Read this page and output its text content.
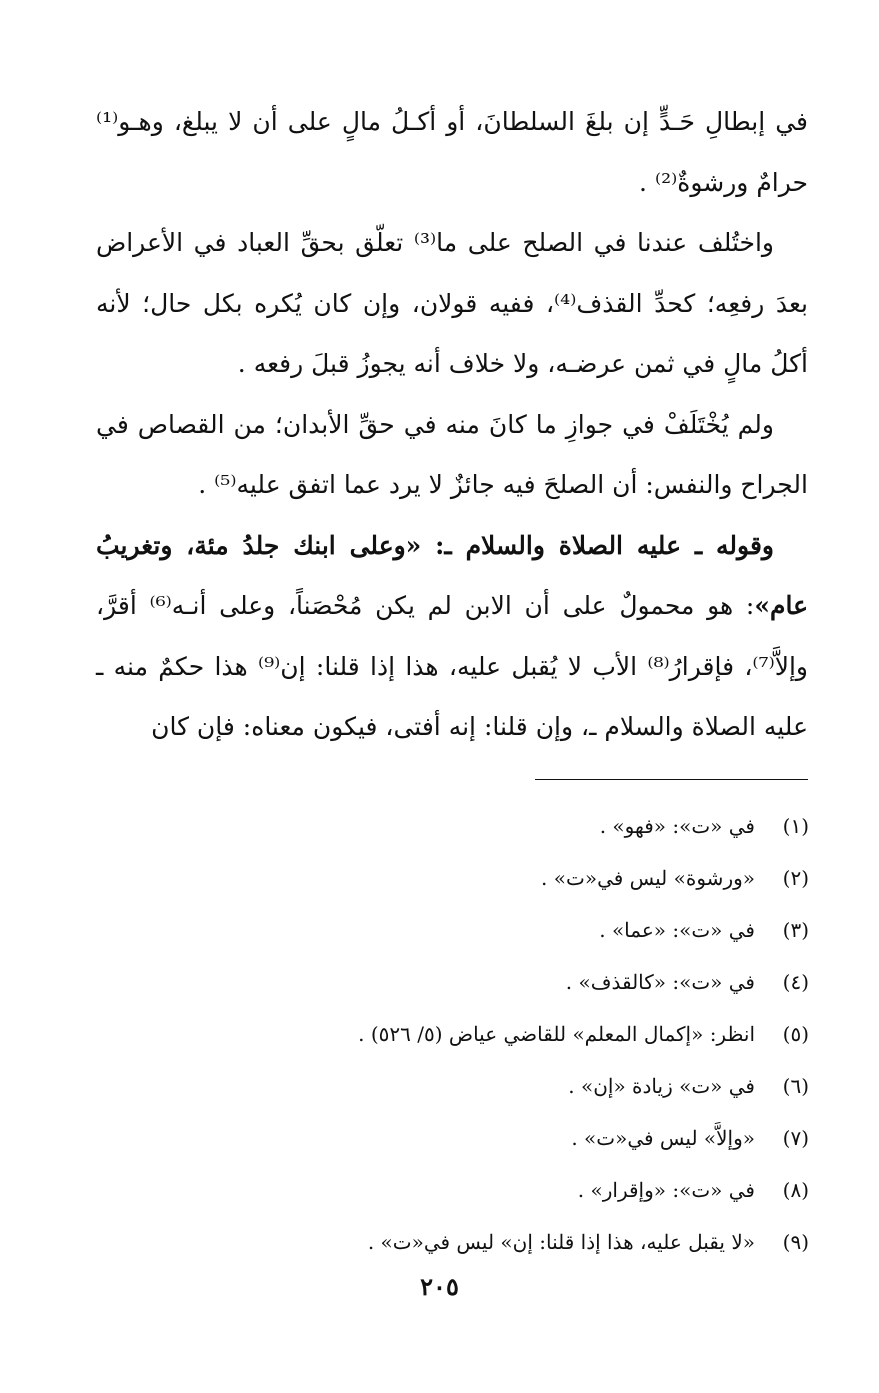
في إبطالِ حَـدٍّ إن بلغَ السلطانَ، أو أكـلُ مالٍ على أن لا يبلغ، وهـو⁽¹⁾ حرامٌ ورشوةٌ⁽²⁾ .

واختُلف عندنا في الصلح على ما⁽³⁾ تعلّق بحقِّ العباد في الأعراض بعدَ رفعِه؛ كحدِّ القذف⁽⁴⁾، ففيه قولان، وإن كان يُكره بكل حال؛ لأنه أكلُ مالٍ في ثمن عرضـه، ولا خلاف أنه يجوزُ قبلَ رفعه .

ولم يُخْتَلَفْ في جوازِ ما كانَ منه في حقِّ الأبدان؛ من القصاص في الجراح والنفس: أن الصلحَ فيه جائزٌ لا يرد عما اتفق عليه⁽⁵⁾ .

وقوله ـ عليه الصلاة والسلام ـ: «وعلى ابنك جلدُ مئة، وتغريبُ عام»: هو محمولٌ على أن الابن لم يكن مُحْصَناً، وعلى أنـه⁽⁶⁾ أقرَّ، وإلاَّ⁽⁷⁾، فإقرارُ⁽⁸⁾ الأب لا يُقبل عليه، هذا إذا قلنا: إن⁽⁹⁾ هذا حكمٌ منه ـ عليه الصلاة والسلام ـ، وإن قلنا: إنه أفتى، فيكون معناه: فإن كان

(١)
في «ت»: «فهو» .
(٢)
«ورشوة» ليس في«ت» .
(٣)
في «ت»: «عما» .
(٤)
في «ت»: «كالقذف» .
(٥)
انظر: «إكمال المعلم» للقاضي عياض (٥/ ٥٢٦) .
(٦)
في «ت» زيادة «إن» .
(٧)
«وإلاَّ» ليس في«ت» .
(٨)
في «ت»: «وإقرار» .
(٩)
«لا يقبل عليه، هذا إذا قلنا: إن» ليس في«ت» .
٢٠٥
